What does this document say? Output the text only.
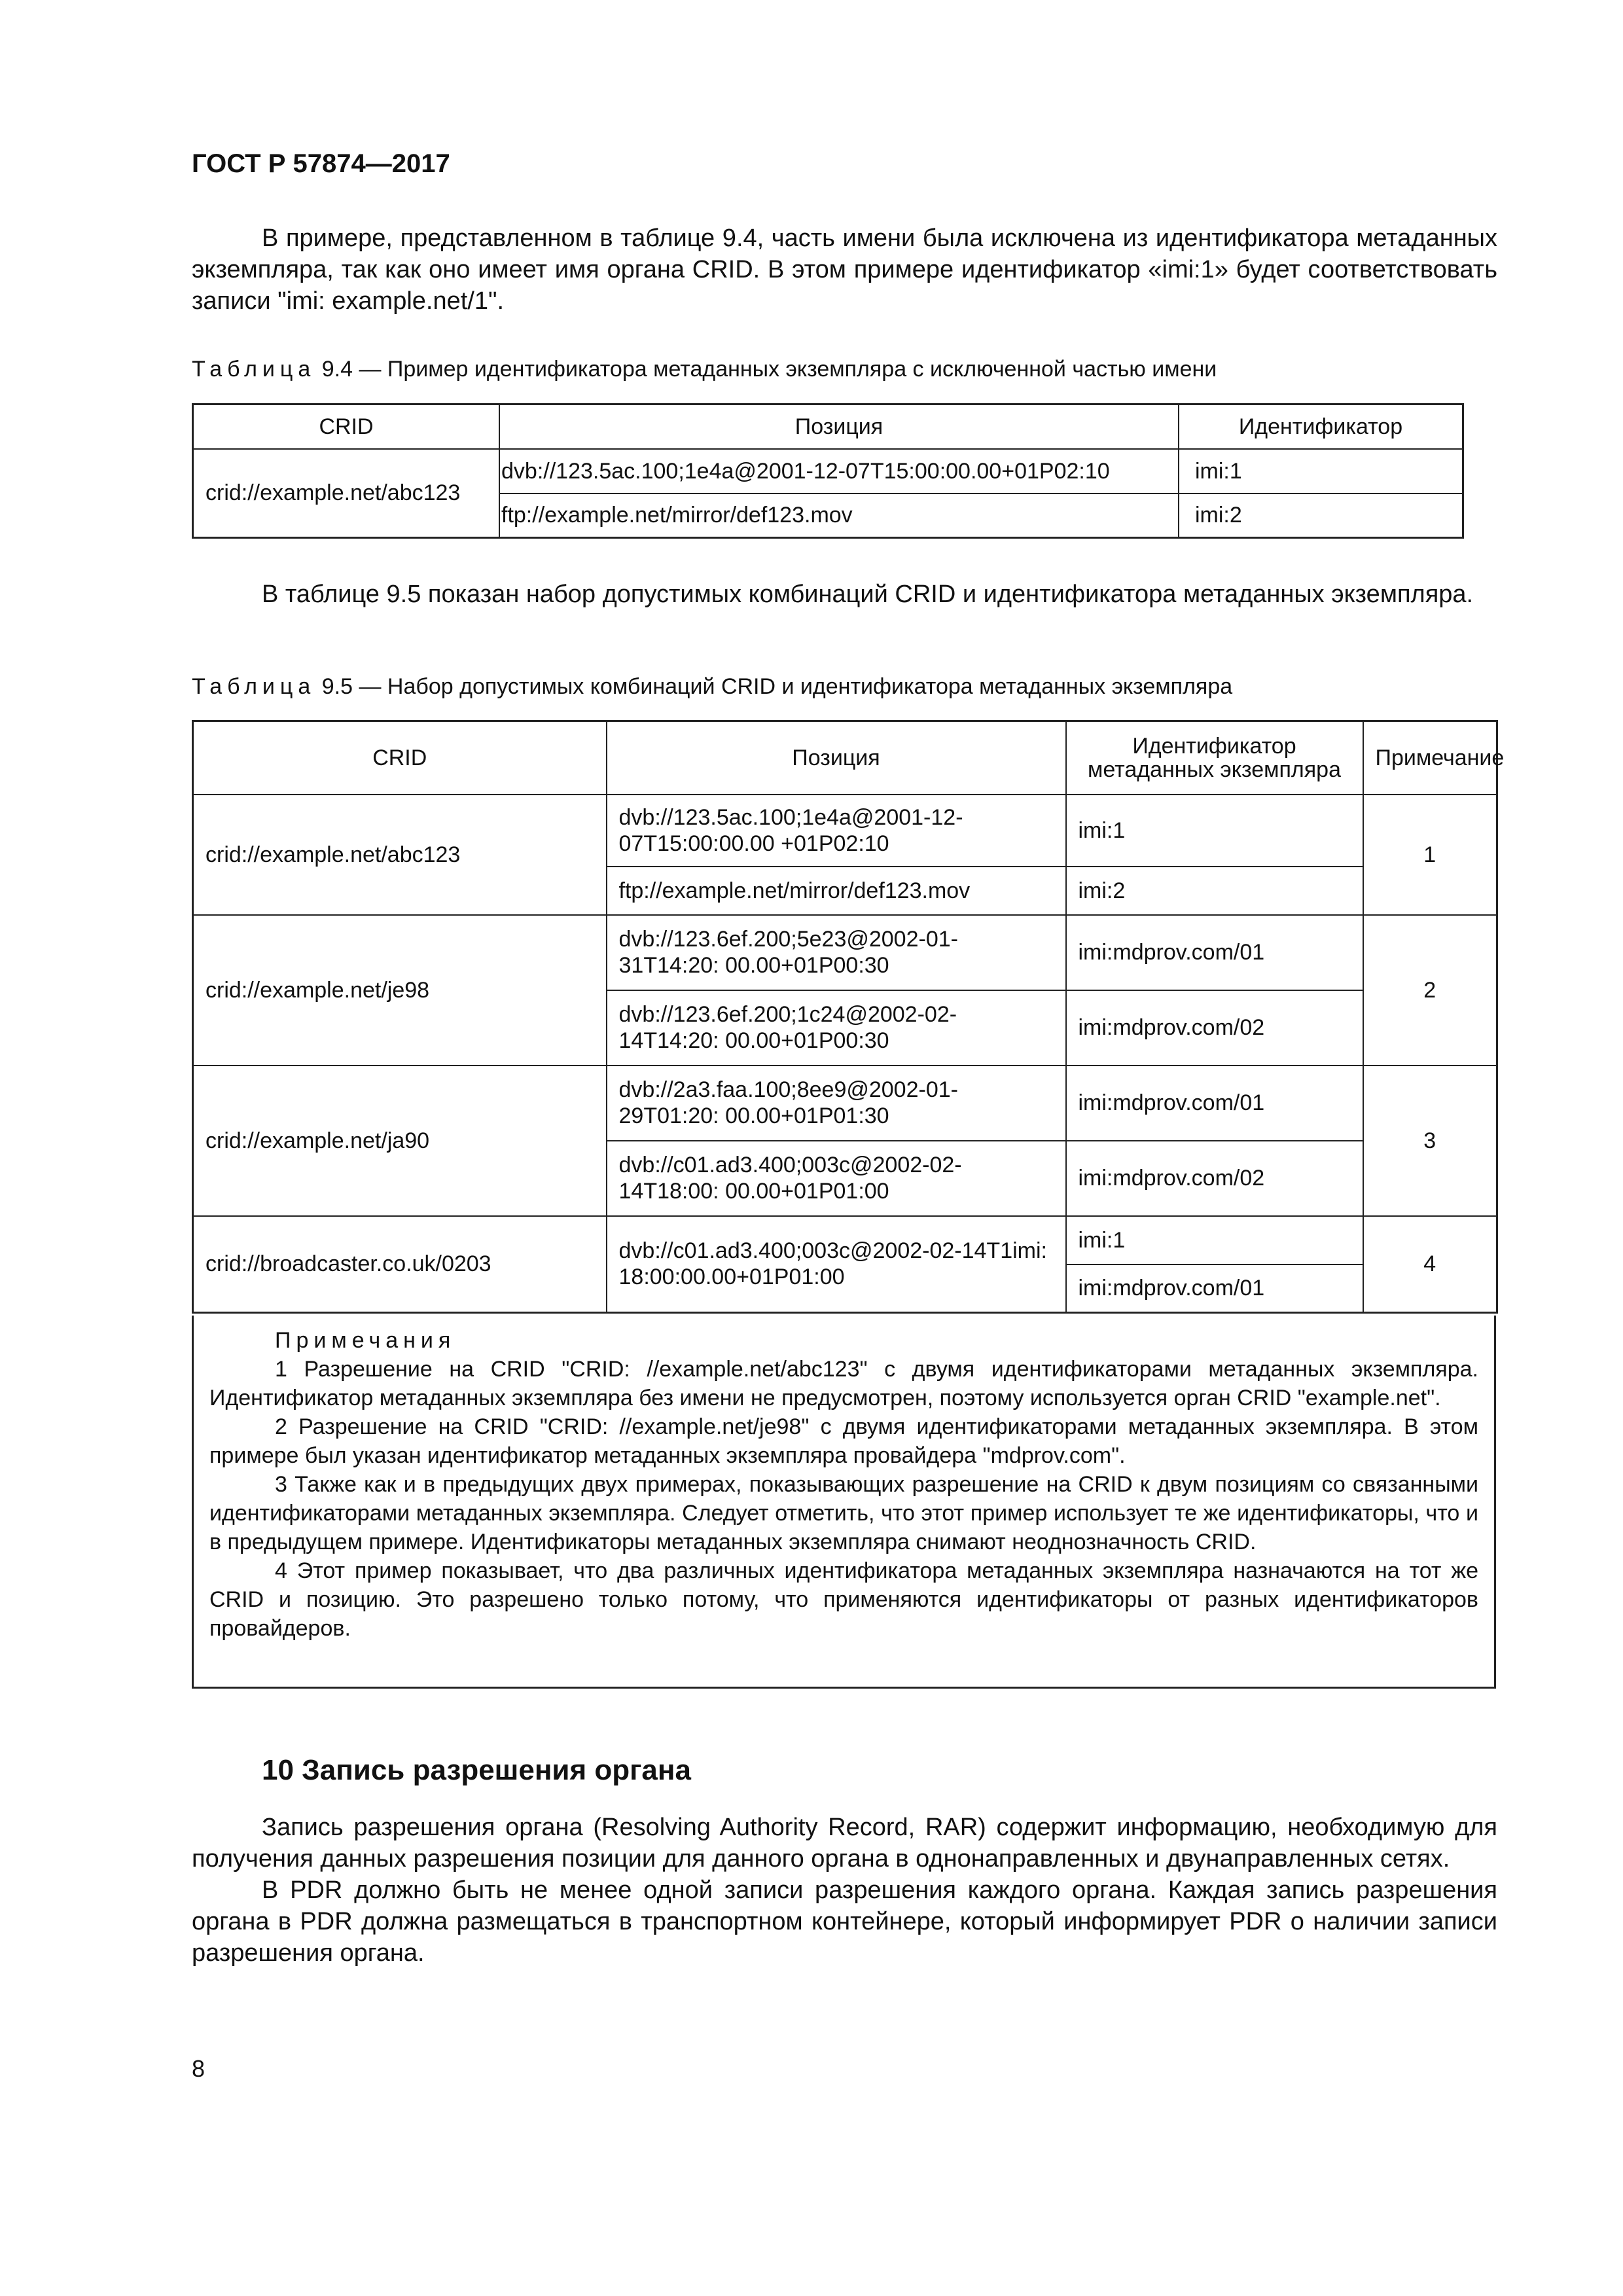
ГОСТ Р 57874—2017

В примере, представленном в таблице 9.4, часть имени была исключена из идентификатора метаданных экземпляра, так как оно имеет имя органа CRID. В этом примере идентификатор «imi:1» будет соответствовать записи "imi: example.net/1".

Таблица 9.4 — Пример идентификатора метаданных экземпляра с исключенной частью имени
CRID	Позиция	Идентификатор
crid://example.net/abc123	dvb://123.5ac.100;1e4a@2001-12-07T15:00:00.00+01P02:10	imi:1
	ftp://example.net/mirror/def123.mov	imi:2

В таблице 9.5 показан набор допустимых комбинаций CRID и идентификатора метаданных экземпляра.

Таблица 9.5 — Набор допустимых комбинаций CRID и идентификатора метаданных экземпляра
CRID	Позиция	Идентификатор метаданных экземпляра	Примечание
crid://example.net/abc123	dvb://123.5ac.100;1e4a@2001-12-07T15:00:00.00 +01P02:10	imi:1	1
	ftp://example.net/mirror/def123.mov	imi:2	
crid://example.net/je98	dvb://123.6ef.200;5e23@2002-01-31T14:20: 00.00+01P00:30	imi:mdprov.com/01	2
	dvb://123.6ef.200;1c24@2002-02-14T14:20: 00.00+01P00:30	imi:mdprov.com/02	
crid://example.net/ja90	dvb://2a3.faa.100;8ee9@2002-01-29T01:20: 00.00+01P01:30	imi:mdprov.com/01	3
	dvb://c01.ad3.400;003c@2002-02-14T18:00: 00.00+01P01:00	imi:mdprov.com/02	
crid://broadcaster.co.uk/0203	dvb://c01.ad3.400;003c@2002-02-14T1imi: 18:00:00.00+01P01:00	imi:1	4
		imi:mdprov.com/01	
Примечания

1 Разрешение на CRID "CRID: //example.net/abc123" с двумя идентификаторами метаданных экземпляра. Идентификатор метаданных экземпляра без имени не предусмотрен, поэтому используется орган CRID "example.net".

2 Разрешение на CRID "CRID: //example.net/je98" с двумя идентификаторами метаданных экземпляра. В этом примере был указан идентификатор метаданных экземпляра провайдера "mdprov.com".

3 Также как и в предыдущих двух примерах, показывающих разрешение на CRID к двум позициям со связанными идентификаторами метаданных экземпляра. Следует отметить, что этот пример использует те же идентификаторы, что и в предыдущем примере. Идентификаторы метаданных экземпляра снимают неоднозначность CRID.

4 Этот пример показывает, что два различных идентификатора метаданных экземпляра назначаются на тот же CRID и позицию. Это разрешено только потому, что применяются идентификаторы от разных идентификаторов провайдеров.

10 Запись разрешения органа

Запись разрешения органа (Resolving Authority Record, RAR) содержит информацию, необходимую для получения данных разрешения позиции для данного органа в однонаправленных и двунаправленных сетях.

В PDR должно быть не менее одной записи разрешения каждого органа. Каждая запись разрешения органа в PDR должна размещаться в транспортном контейнере, который информирует PDR о наличии записи разрешения органа.

8
